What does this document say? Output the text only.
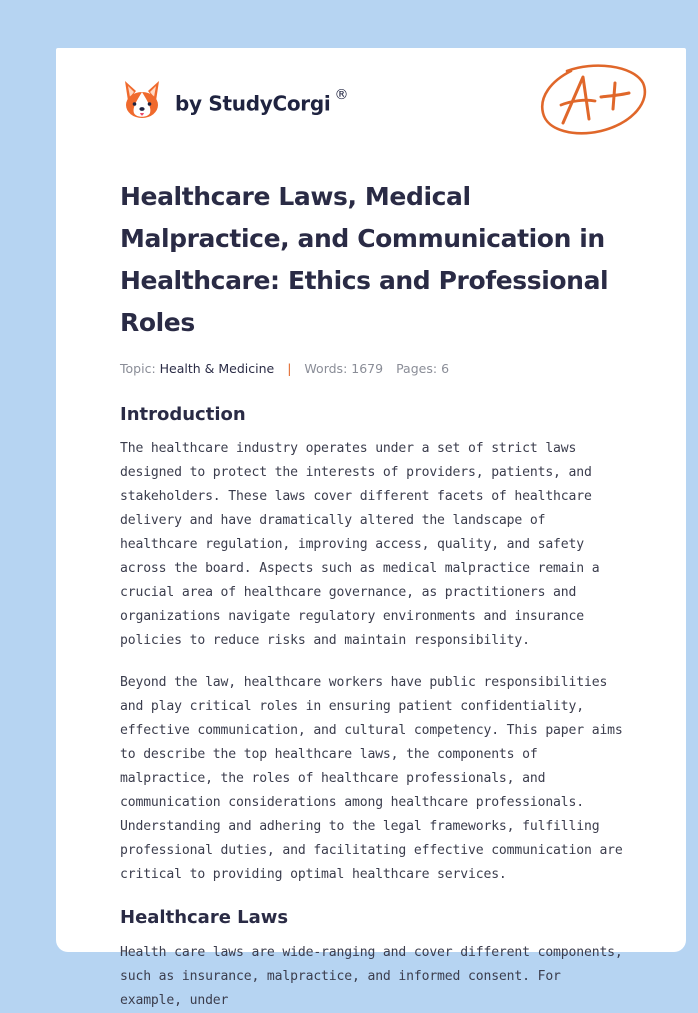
by StudyCorgi ®
A+
Healthcare Laws, Medical Malpractice, and Communication in Healthcare: Ethics and Professional Roles
Topic: Health & Medicine | Words: 1679 Pages: 6
Introduction

The healthcare industry operates under a set of strict laws designed to protect the interests of providers, patients, and stakeholders. These laws cover different facets of healthcare delivery and have dramatically altered the landscape of healthcare regulation, improving access, quality, and safety across the board. Aspects such as medical malpractice remain a crucial area of healthcare governance, as practitioners and organizations navigate regulatory environments and insurance policies to reduce risks and maintain responsibility.

Beyond the law, healthcare workers have public responsibilities and play critical roles in ensuring patient confidentiality, effective communication, and cultural competency. This paper aims to describe the top healthcare laws, the components of malpractice, the roles of healthcare professionals, and communication considerations among healthcare professionals. Understanding and adhering to the legal frameworks, fulfilling professional duties, and facilitating effective communication are critical to providing optimal healthcare services.

Healthcare Laws

Health care laws are wide-ranging and cover different components, such as insurance, malpractice, and informed consent. For example, under
